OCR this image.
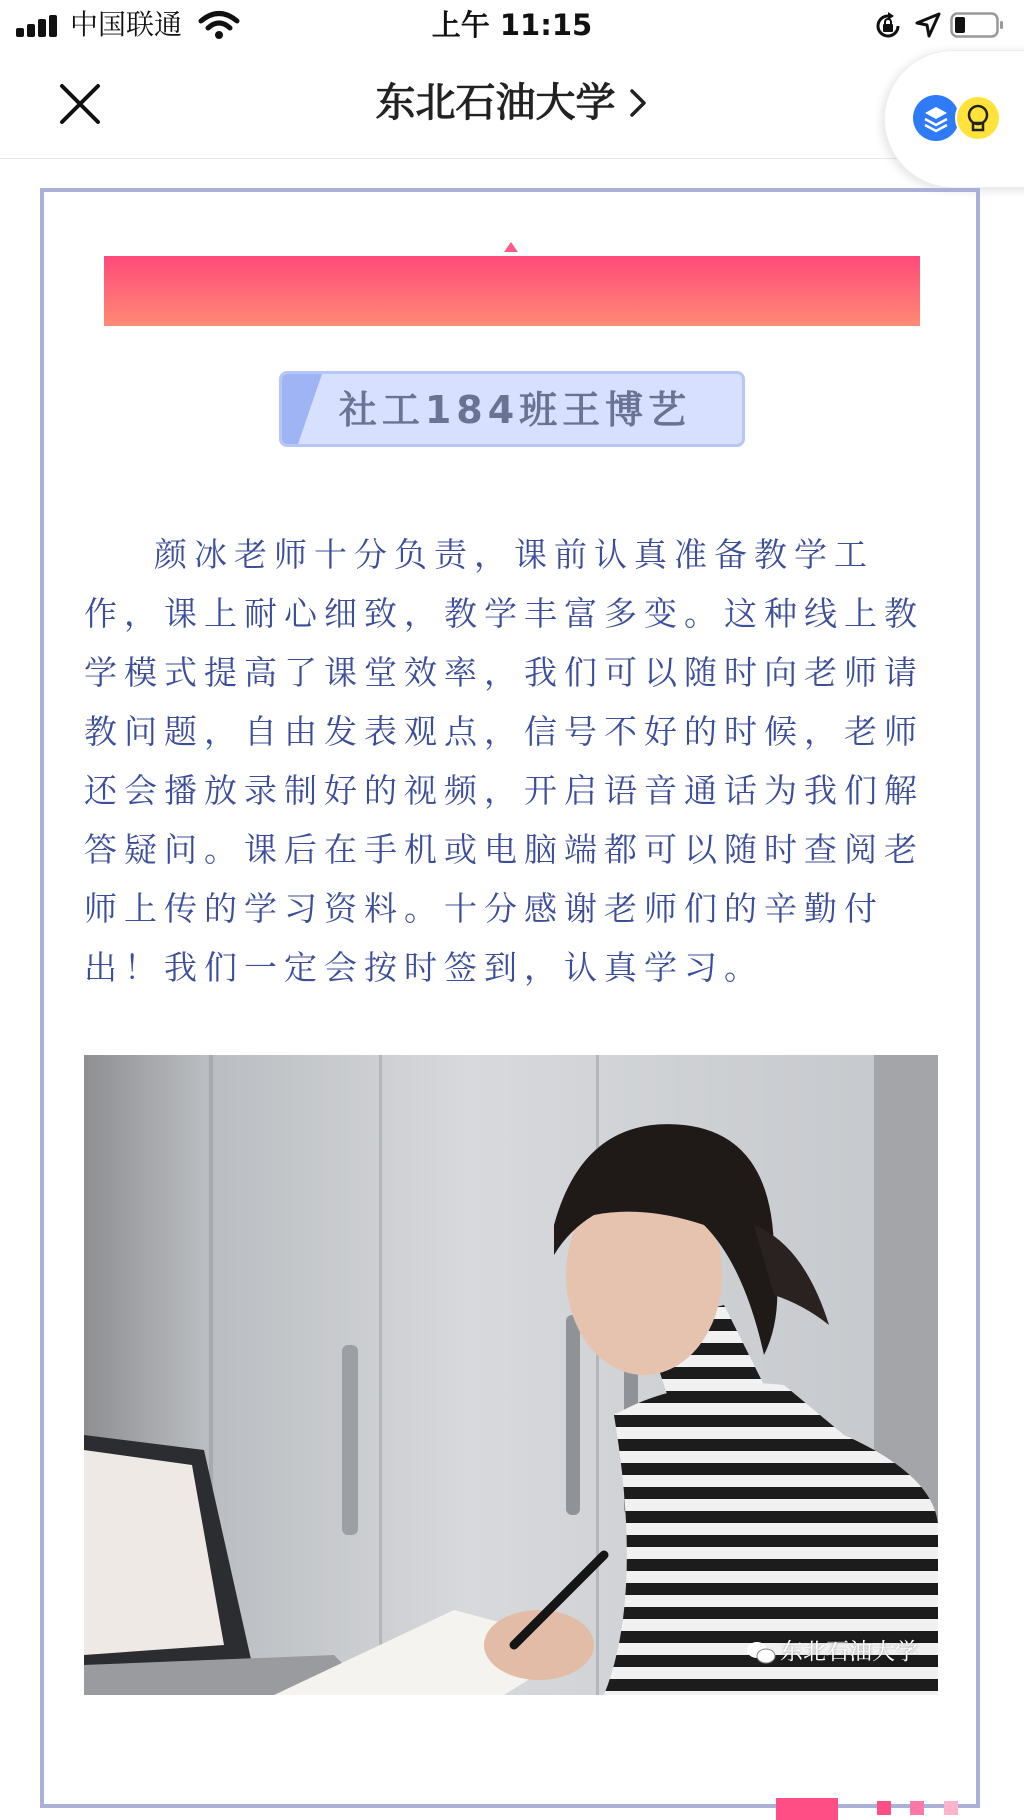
中国联通	上午 11:15
东北石油大学
社工184班王博艺

颜冰老师十分负责，课前认真准备教学工作，课上耐心细致，教学丰富多变。这种线上教学模式提高了课堂效率，我们可以随时向老师请教问题，自由发表观点，信号不好的时候，老师还会播放录制好的视频，开启语音通话为我们解答疑问。课后在手机或电脑端都可以随时查阅老师上传的学习资料。十分感谢老师们的辛勤付出！我们一定会按时签到，认真学习。

东北石油大学
